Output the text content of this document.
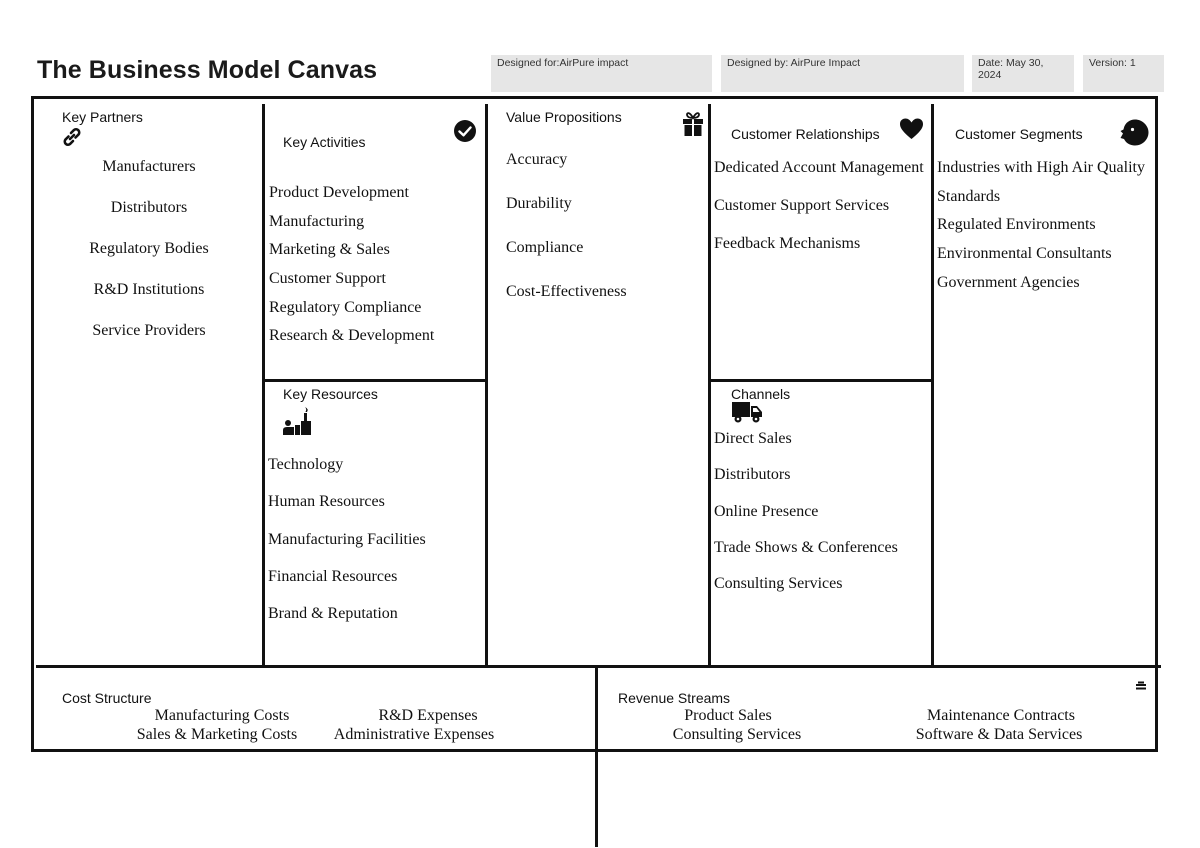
The Business Model Canvas	Designed for:AirPure impact	Designed by: AirPure Impact	Date: May 30, 2024
Version: 1
Key Partners
Manufacturers
Distributors
Regulatory Bodies
R&D Institutions
Service Providers
Key Activities
Product Development
Manufacturing
Marketing & Sales
Customer Support
Regulatory Compliance
Research & Development
Key Resources
Technology
Human Resources
Manufacturing Facilities
Financial Resources
Brand & Reputation
Value Propositions
Accuracy
Durability
Compliance
Cost-Effectiveness
Customer Relationships
Dedicated Account Management
Customer Support Services
Feedback Mechanisms
Channels
Direct Sales
Distributors
Online Presence
Trade Shows & Conferences
Consulting Services
Customer Segments
Industries with High Air Quality
Standards
Regulated Environments
Environmental Consultants
Government Agencies
Cost Structure
Manufacturing Costs	R&D Expenses
Sales & Marketing Costs	Administrative Expenses
Revenue Streams
Product Sales	Maintenance Contracts
Consulting Services	Software & Data Services
